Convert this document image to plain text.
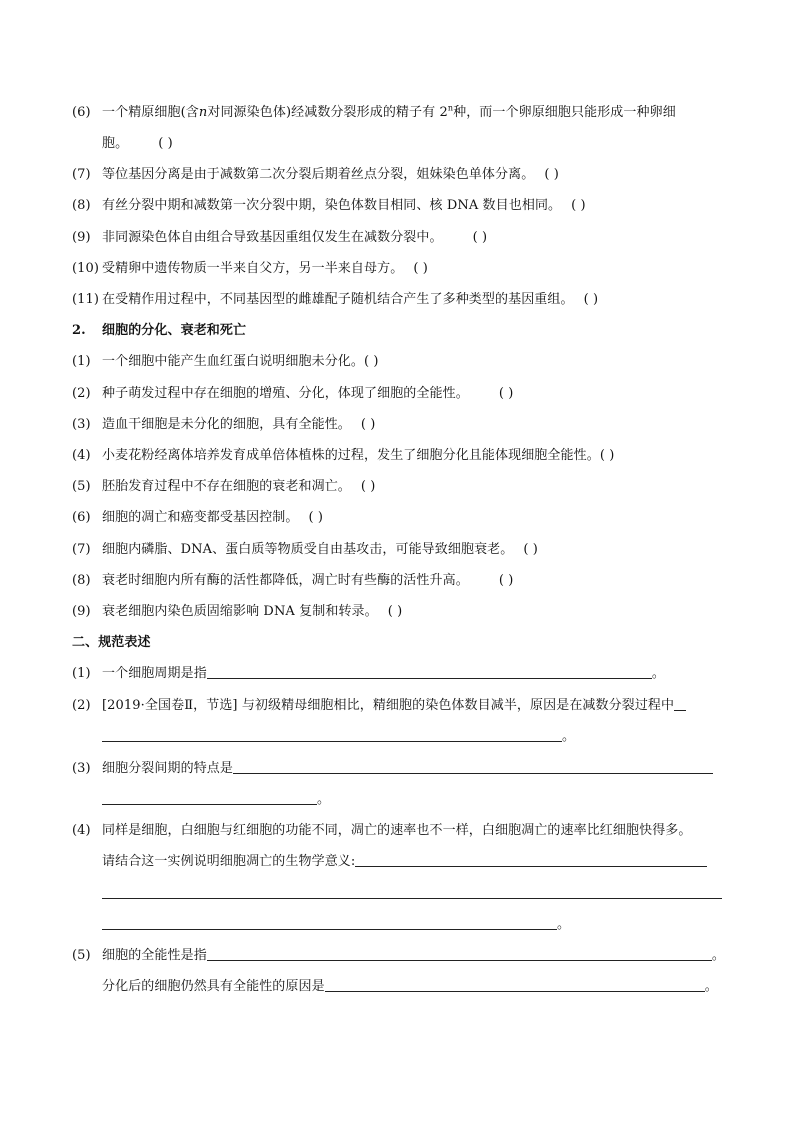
(6) 一个精原细胞(含n对同源染色体)经减数分裂形成的精子有 2$^n$种，而一个卵原细胞只能形成一种卵细
胞。 ( )
(7) 等位基因分离是由于减数第二次分裂后期着丝点分裂，姐妹染色单体分离。 ( )
(8) 有丝分裂中期和减数第一次分裂中期，染色体数目相同、核 DNA 数目也相同。 ( )
(9) 非同源染色体自由组合导致基因重组仅发生在减数分裂中。 ( )
(10) 受精卵中遗传物质一半来自父方，另一半来自母方。 ( )
(11) 在受精作用过程中，不同基因型的雌雄配子随机结合产生了多种类型的基因重组。 ( )
2. 细胞的分化、衰老和死亡
(1) 一个细胞中能产生血红蛋白说明细胞未分化。( )
(2) 种子萌发过程中存在细胞的增殖、分化，体现了细胞的全能性。 ( )
(3) 造血干细胞是未分化的细胞，具有全能性。 ( )
(4) 小麦花粉经离体培养发育成单倍体植株的过程，发生了细胞分化且能体现细胞全能性。( )
(5) 胚胎发育过程中不存在细胞的衰老和凋亡。 ( )
(6) 细胞的凋亡和癌变都受基因控制。 ( )
(7) 细胞内磷脂、DNA、蛋白质等物质受自由基攻击，可能导致细胞衰老。 ( )
(8) 衰老时细胞内所有酶的活性都降低，凋亡时有些酶的活性升高。 ( )
(9) 衰老细胞内染色质固缩影响 DNA 复制和转录。 ( )
二、规范表述
(1) 一个细胞周期是指	。
(2) [2019·全国卷Ⅱ，节选] 与初级精母细胞相比，精细胞的染色体数目减半，原因是在减数分裂过程中
。
(3) 细胞分裂间期的特点是
。
(4) 同样是细胞，白细胞与红细胞的功能不同，凋亡的速率也不一样，白细胞凋亡的速率比红细胞快得多。
请结合这一实例说明细胞凋亡的生物学意义:
。
(5) 细胞的全能性是指	。
分化后的细胞仍然具有全能性的原因是	。
